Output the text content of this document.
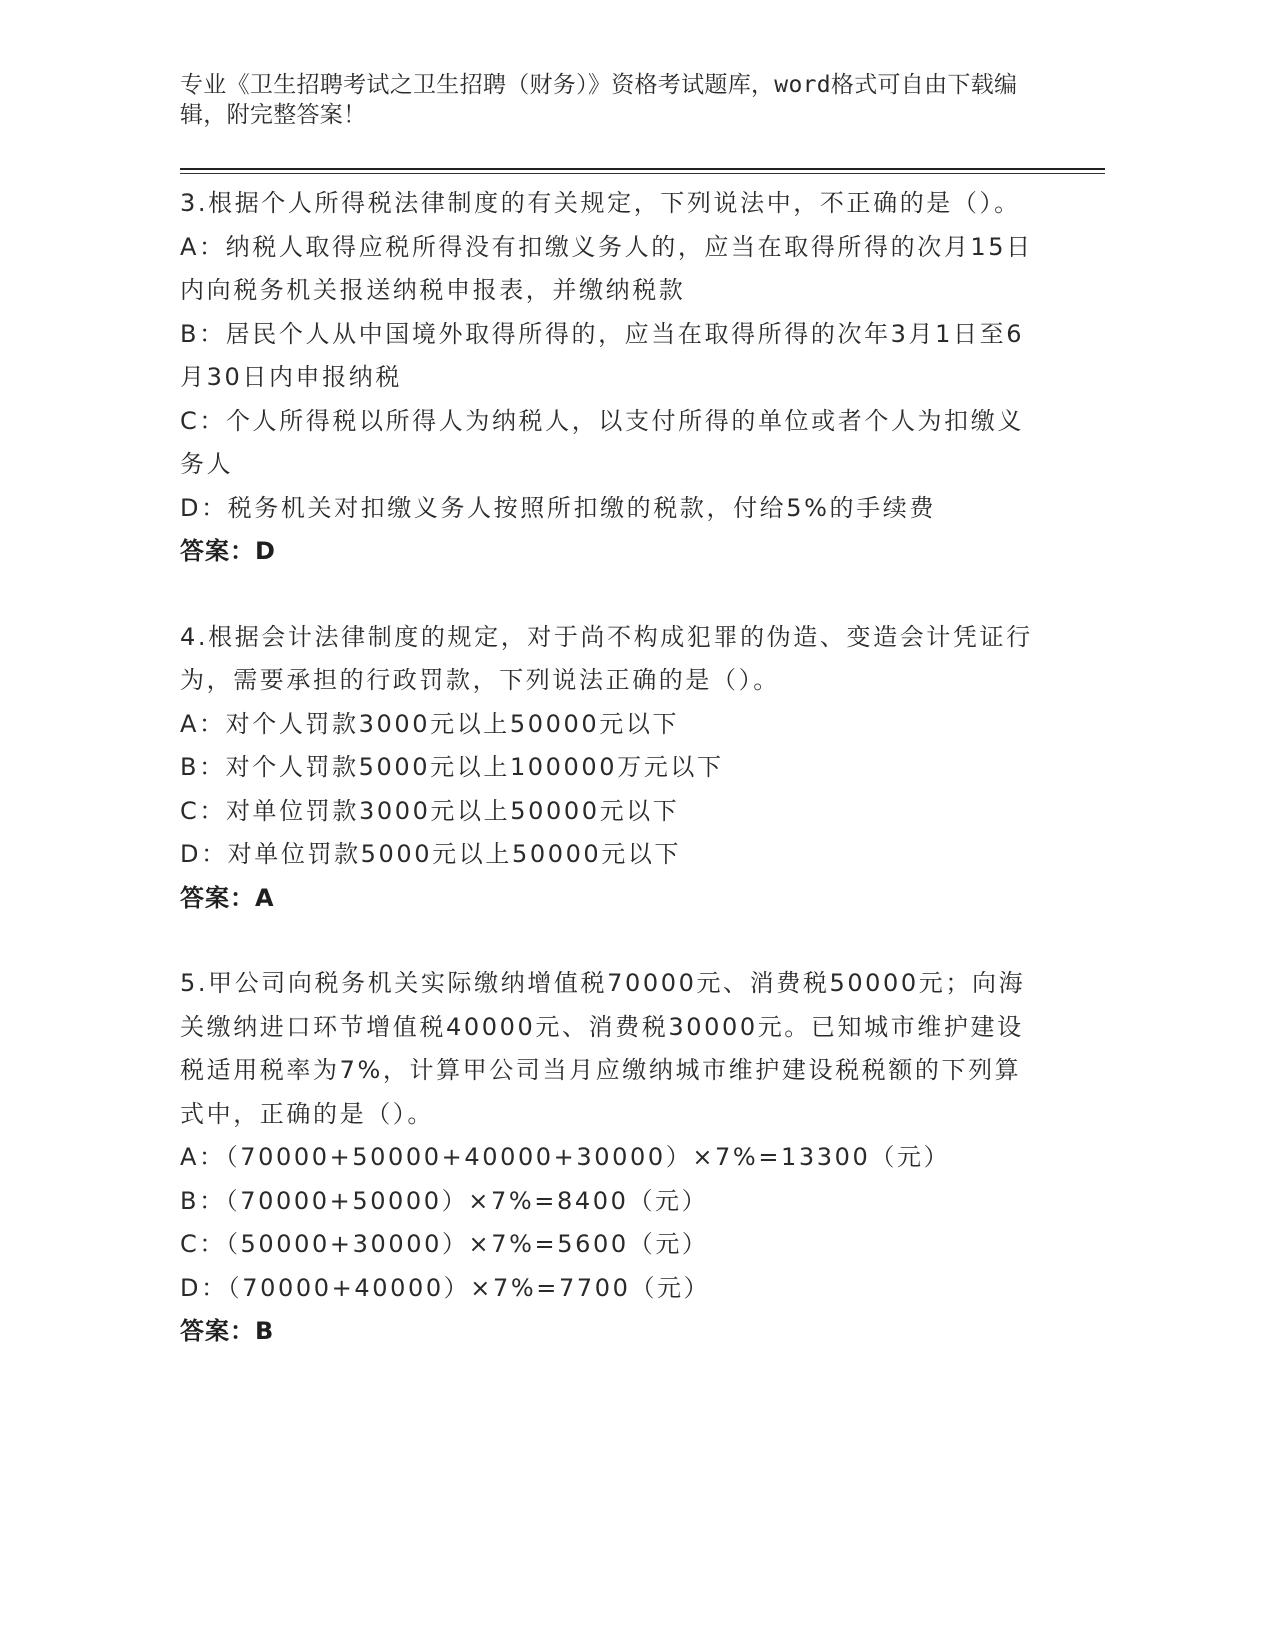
专业《卫生招聘考试之卫生招聘（财务）》资格考试题库，word格式可自由下载编辑，附完整答案！

3.根据个人所得税法律制度的有关规定，下列说法中，不正确的是（）。

A：纳税人取得应税所得没有扣缴义务人的，应当在取得所得的次月15日内向税务机关报送纳税申报表，并缴纳税款

B：居民个人从中国境外取得所得的，应当在取得所得的次年3月1日至6月30日内申报纳税

C：个人所得税以所得人为纳税人，以支付所得的单位或者个人为扣缴义务人

D：税务机关对扣缴义务人按照所扣缴的税款，付给5%的手续费

答案：D

4.根据会计法律制度的规定，对于尚不构成犯罪的伪造、变造会计凭证行为，需要承担的行政罚款，下列说法正确的是（）。

A：对个人罚款3000元以上50000元以下

B：对个人罚款5000元以上100000万元以下

C：对单位罚款3000元以上50000元以下

D：对单位罚款5000元以上50000元以下

答案：A

5.甲公司向税务机关实际缴纳增值税70000元、消费税50000元；向海关缴纳进口环节增值税40000元、消费税30000元。已知城市维护建设税适用税率为7%，计算甲公司当月应缴纳城市维护建设税税额的下列算式中，正确的是（）。

A：（70000+50000+40000+30000）×7%=13300（元）

B：（70000+50000）×7%=8400（元）

C：（50000+30000）×7%=5600（元）

D：（70000+40000）×7%=7700（元）

答案：B
